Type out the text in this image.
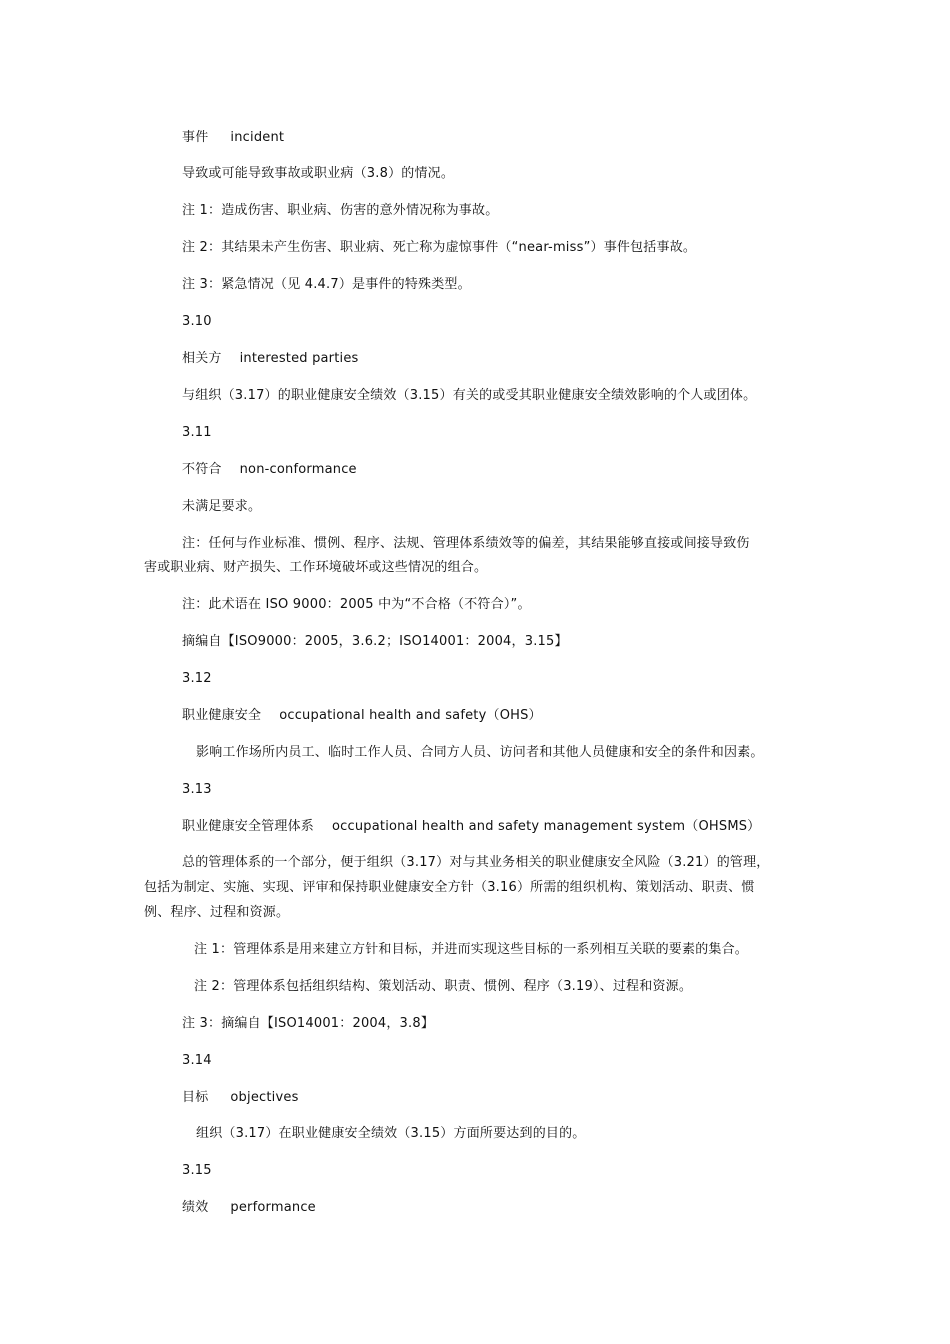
事件 incident
导致或可能导致事故或职业病（3.8）的情况。
注 1：造成伤害、职业病、伤害的意外情况称为事故。
注 2：其结果未产生伤害、职业病、死亡称为虚惊事件（“near-miss”）事件包括事故。
注 3：紧急情况（见 4.4.7）是事件的特殊类型。
3.10
相关方 interested parties
与组织（3.17）的职业健康安全绩效（3.15）有关的或受其职业健康安全绩效影响的个人或团体。
3.11
不符合 non-conformance
未满足要求。
注：任何与作业标准、惯例、程序、法规、管理体系绩效等的偏差，其结果能够直接或间接导致伤
害或职业病、财产损失、工作环境破坏或这些情况的组合。
注：此术语在 ISO 9000：2005 中为“不合格（不符合）”。
摘编自【ISO9000：2005，3.6.2；ISO14001：2004，3.15】
3.12
职业健康安全 occupational health and safety（OHS）
影响工作场所内员工、临时工作人员、合同方人员、访问者和其他人员健康和安全的条件和因素。
3.13
职业健康安全管理体系 occupational health and safety management system（OHSMS）
总的管理体系的一个部分，便于组织（3.17）对与其业务相关的职业健康安全风险（3.21）的管理，
包括为制定、实施、实现、评审和保持职业健康安全方针（3.16）所需的组织机构、策划活动、职责、惯
例、程序、过程和资源。
注 1：管理体系是用来建立方针和目标，并进而实现这些目标的一系列相互关联的要素的集合。
注 2：管理体系包括组织结构、策划活动、职责、惯例、程序（3.19）、过程和资源。
注 3：摘编自【ISO14001：2004，3.8】
3.14
目标 objectives
组织（3.17）在职业健康安全绩效（3.15）方面所要达到的目的。
3.15
绩效 performance
